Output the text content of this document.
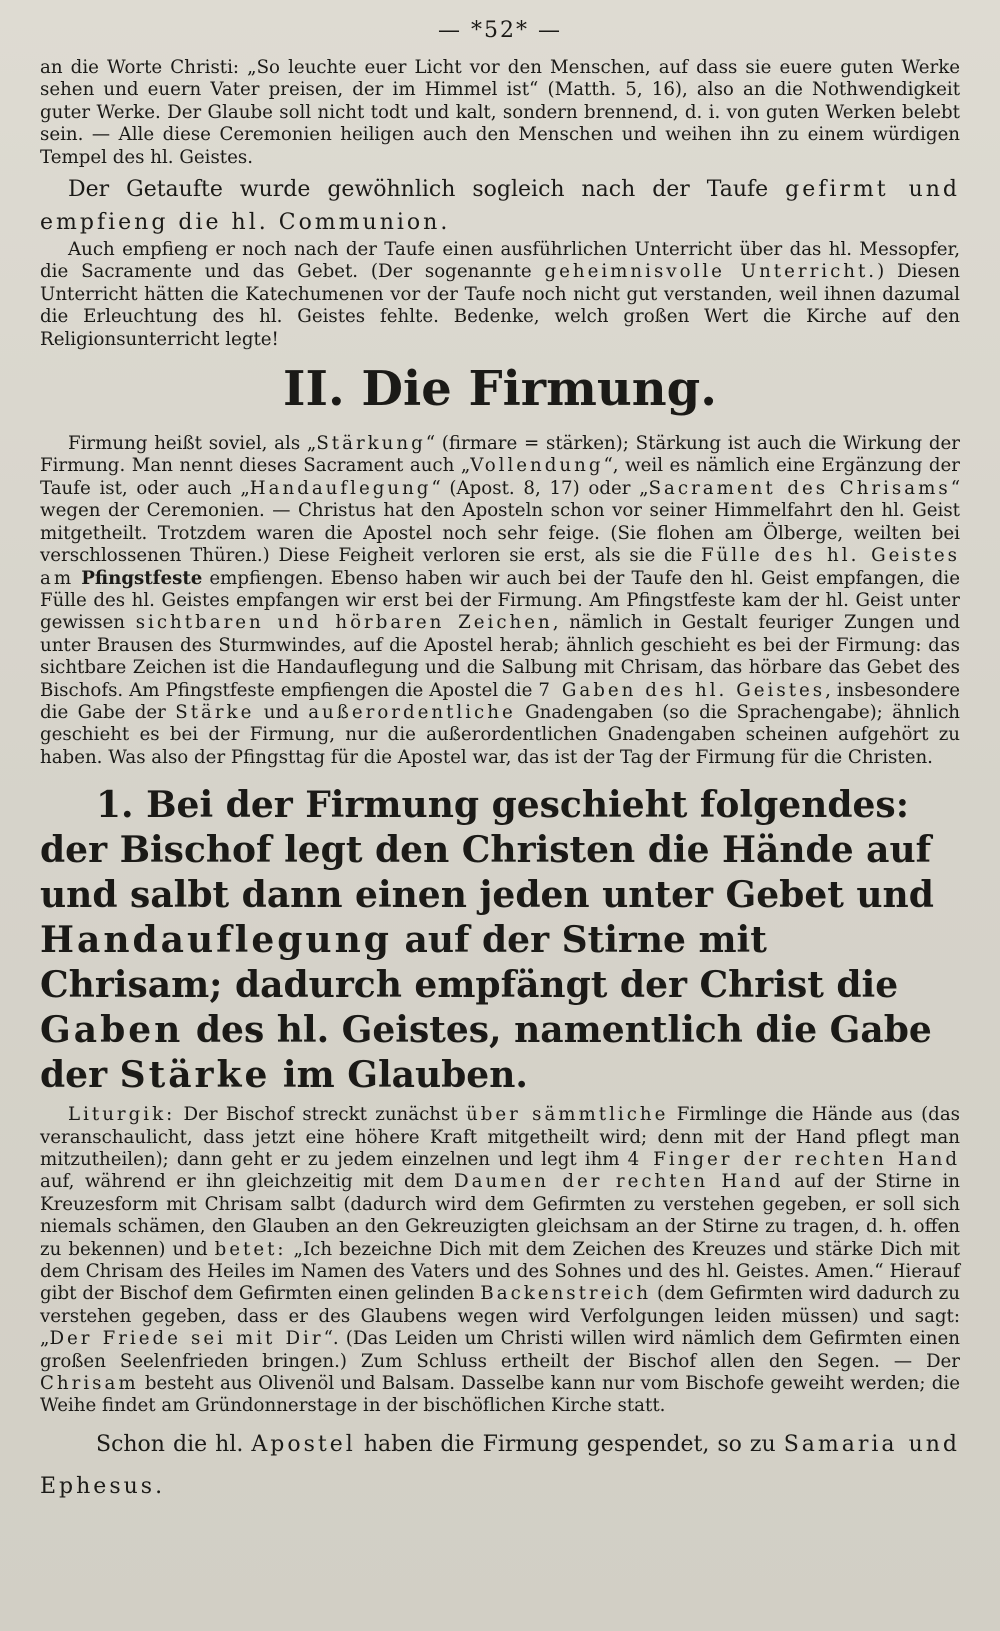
— *52* —

an die Worte Christi: „So leuchte euer Licht vor den Menschen, auf dass sie euere guten Werke sehen und euern Vater preisen, der im Himmel ist“ (Matth. 5, 16), also an die Nothwendigkeit guter Werke. Der Glaube soll nicht todt und kalt, sondern brennend, d. i. von guten Werken belebt sein. — Alle diese Ceremonien heiligen auch den Menschen und weihen ihn zu einem würdigen Tempel des hl. Geistes.

Der Getaufte wurde gewöhnlich sogleich nach der Taufe gefirmt und empfieng die hl. Communion.

Auch empfieng er noch nach der Taufe einen ausführlichen Unterricht über das hl. Messopfer, die Sacramente und das Gebet. (Der sogenannte geheimnisvolle Unterricht.) Diesen Unterricht hätten die Katechumenen vor der Taufe noch nicht gut verstanden, weil ihnen dazumal die Erleuchtung des hl. Geistes fehlte. Bedenke, welch großen Wert die Kirche auf den Religionsunterricht legte!

II. Die Firmung.

Firmung heißt soviel, als „Stärkung“ (firmare = stärken); Stärkung ist auch die Wirkung der Firmung. Man nennt dieses Sacrament auch „Vollendung“, weil es nämlich eine Ergänzung der Taufe ist, oder auch „Handauflegung“ (Apost. 8, 17) oder „Sacrament des Chrisams“ wegen der Ceremonien. — Christus hat den Aposteln schon vor seiner Himmelfahrt den hl. Geist mitgetheilt. Trotzdem waren die Apostel noch sehr feige. (Sie flohen am Ölberge, weilten bei verschlossenen Thüren.) Diese Feigheit verloren sie erst, als sie die Fülle des hl. Geistes am Pfingstfeste empfiengen. Ebenso haben wir auch bei der Taufe den hl. Geist empfangen, die Fülle des hl. Geistes empfangen wir erst bei der Firmung. Am Pfingstfeste kam der hl. Geist unter gewissen sichtbaren und hörbaren Zeichen, nämlich in Gestalt feuriger Zungen und unter Brausen des Sturmwindes, auf die Apostel herab; ähnlich geschieht es bei der Firmung: das sichtbare Zeichen ist die Handauflegung und die Salbung mit Chrisam, das hörbare das Gebet des Bischofs. Am Pfingstfeste empfiengen die Apostel die 7 Gaben des hl. Geistes, insbesondere die Gabe der Stärke und außerordentliche Gnadengaben (so die Sprachengabe); ähnlich geschieht es bei der Firmung, nur die außerordentlichen Gnadengaben scheinen aufgehört zu haben. Was also der Pfingsttag für die Apostel war, das ist der Tag der Firmung für die Christen.

1. Bei der Firmung geschieht folgendes: der Bischof legt den Christen die Hände auf und salbt dann einen jeden unter Gebet und Handauflegung auf der Stirne mit Chrisam; dadurch empfängt der Christ die Gaben des hl. Geistes, namentlich die Gabe der Stärke im Glauben.

Liturgik: Der Bischof streckt zunächst über sämmtliche Firmlinge die Hände aus (das veranschaulicht, dass jetzt eine höhere Kraft mitgetheilt wird; denn mit der Hand pflegt man mitzutheilen); dann geht er zu jedem einzelnen und legt ihm 4 Finger der rechten Hand auf, während er ihn gleichzeitig mit dem Daumen der rechten Hand auf der Stirne in Kreuzesform mit Chrisam salbt (dadurch wird dem Gefirmten zu verstehen gegeben, er soll sich niemals schämen, den Glauben an den Gekreuzigten gleichsam an der Stirne zu tragen, d. h. offen zu bekennen) und betet: „Ich bezeichne Dich mit dem Zeichen des Kreuzes und stärke Dich mit dem Chrisam des Heiles im Namen des Vaters und des Sohnes und des hl. Geistes. Amen.“ Hierauf gibt der Bischof dem Gefirmten einen gelinden Backenstreich (dem Gefirmten wird dadurch zu verstehen gegeben, dass er des Glaubens wegen wird Verfolgungen leiden müssen) und sagt: „Der Friede sei mit Dir“. (Das Leiden um Christi willen wird nämlich dem Gefirmten einen großen Seelenfrieden bringen.) Zum Schluss ertheilt der Bischof allen den Segen. — Der Chrisam besteht aus Olivenöl und Balsam. Dasselbe kann nur vom Bischofe geweiht werden; die Weihe findet am Gründonnerstage in der bischöflichen Kirche statt.

Schon die hl. Apostel haben die Firmung gespendet, so zu Samaria und Ephesus.
